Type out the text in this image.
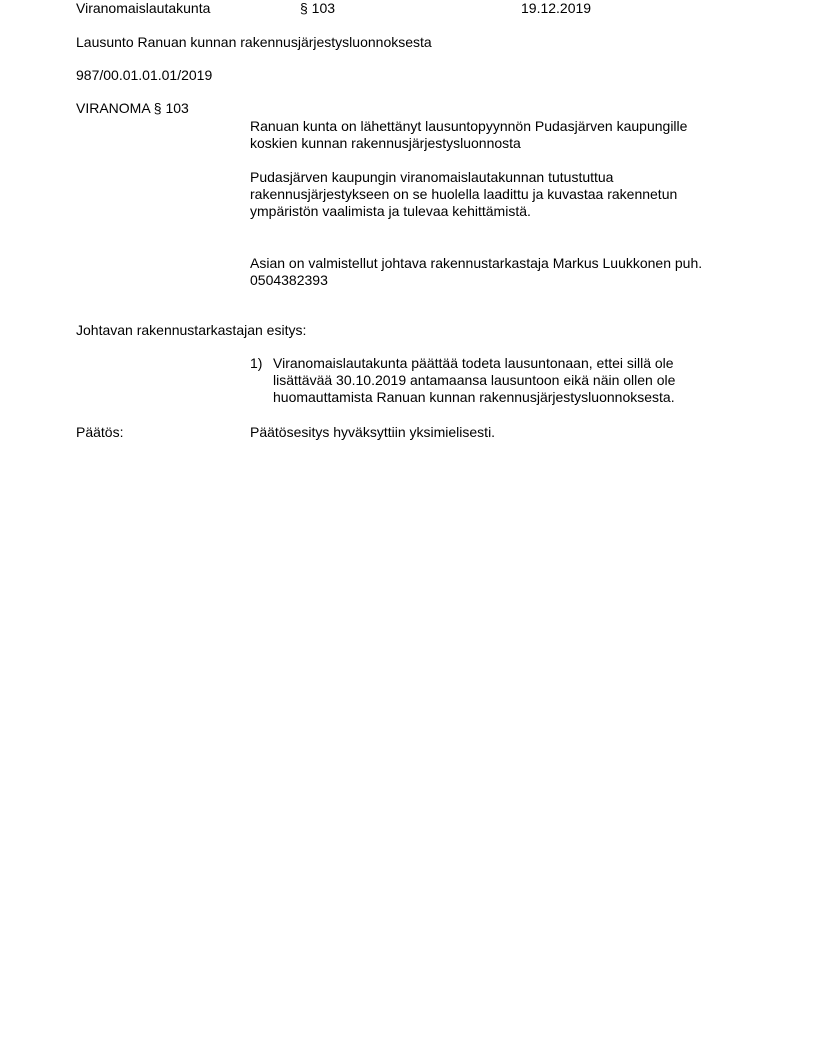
Viranomaislautakunta	§ 103	19.12.2019
Lausunto Ranuan kunnan rakennusjärjestysluonnoksesta
987/00.01.01.01/2019
VIRANOMA § 103
Ranuan kunta on lähettänyt lausuntopyynnön Pudasjärven kaupungille
koskien kunnan rakennusjärjestysluonnosta
Pudasjärven kaupungin viranomaislautakunnan tutustuttua
rakennusjärjestykseen on se huolella laadittu ja kuvastaa rakennetun
ympäristön vaalimista ja tulevaa kehittämistä.
Asian on valmistellut johtava rakennustarkastaja Markus Luukkonen puh.
0504382393
Johtavan rakennustarkastajan esitys:
1) Viranomaislautakunta päättää todeta lausuntonaan, ettei sillä ole
lisättävää 30.10.2019 antamaansa lausuntoon eikä näin ollen ole
huomauttamista Ranuan kunnan rakennusjärjestysluonnoksesta.
Päätös:	Päätösesitys hyväksyttiin yksimielisesti.
